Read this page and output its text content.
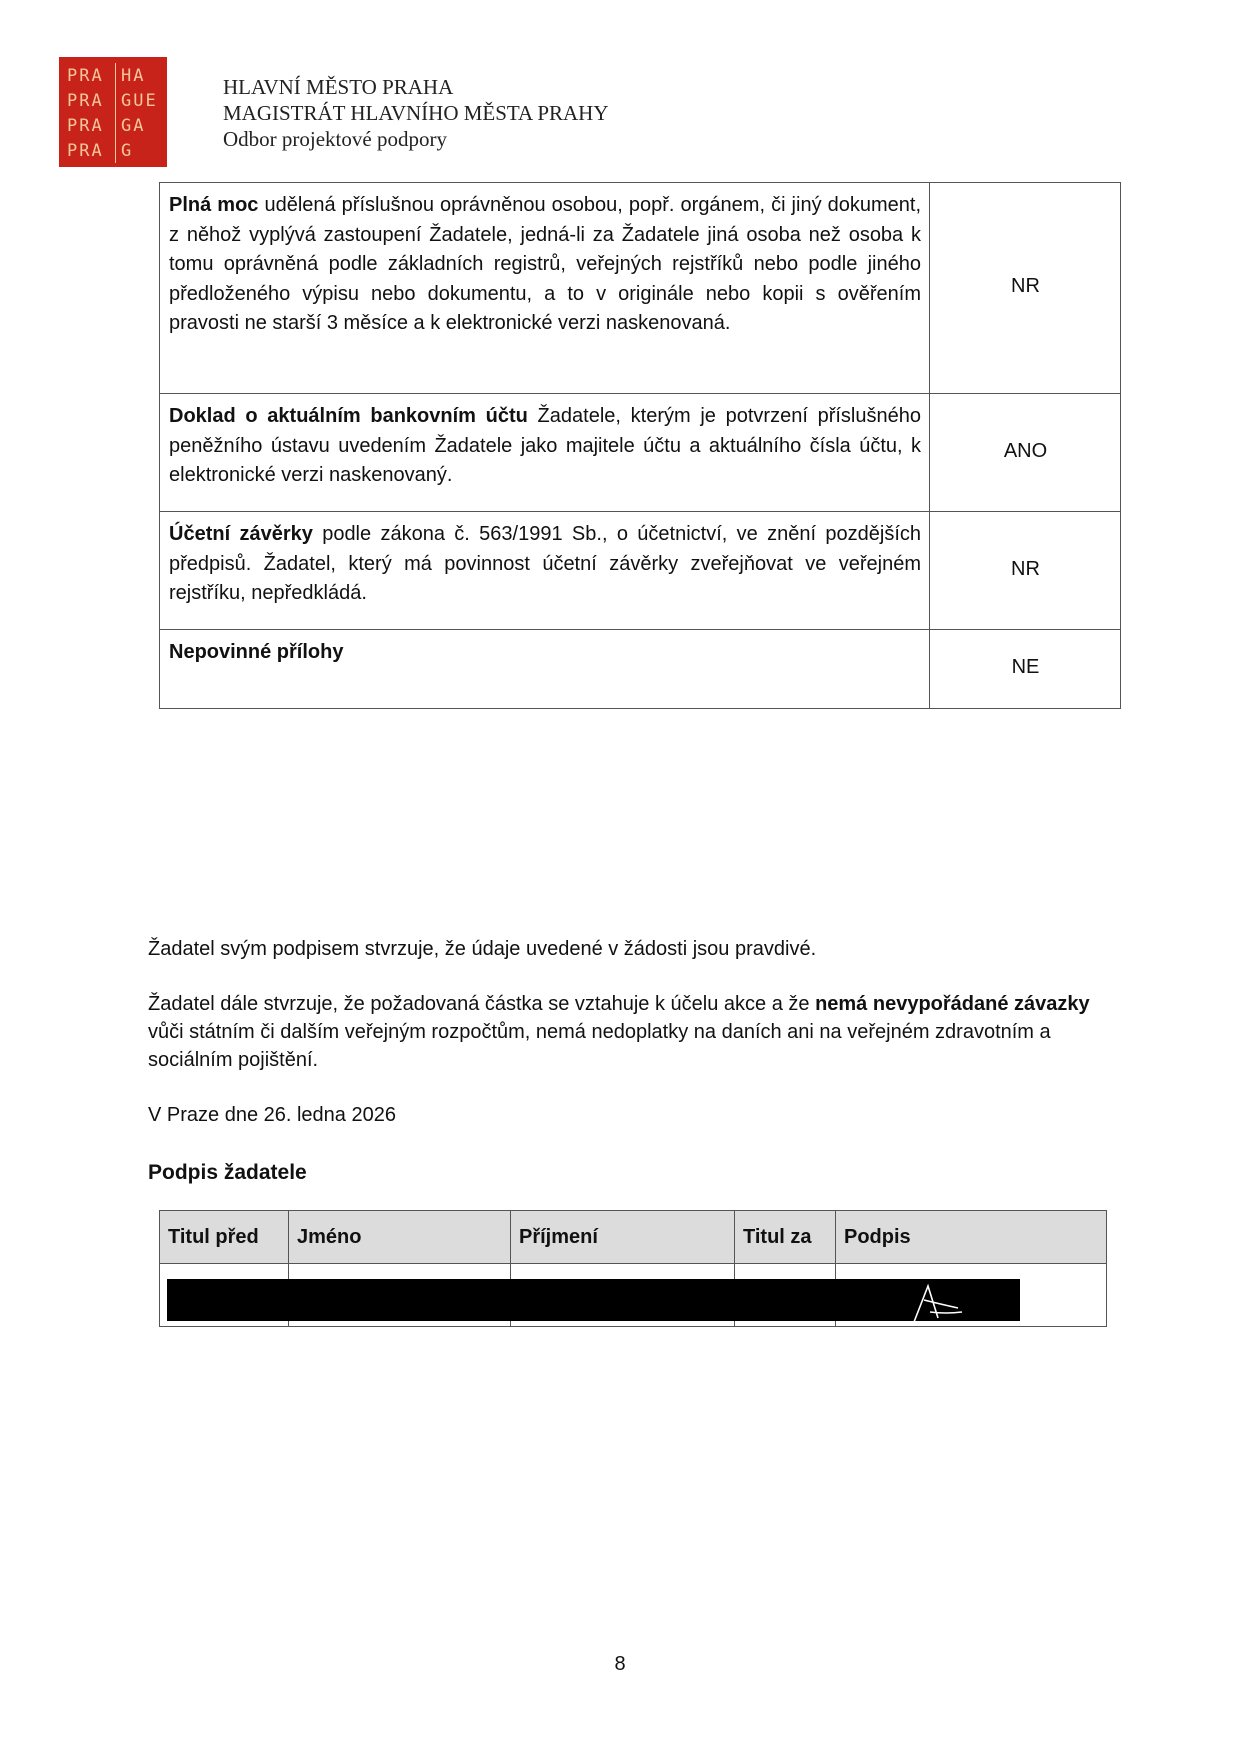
PRA	HA
PRA	GUE
PRA	GA
PRA	G
HLAVNÍ MĚSTO PRAHA
MAGISTRÁT HLAVNÍHO MĚSTA PRAHY
Odbor projektové podpory
Plná moc udělená příslušnou oprávněnou osobou, popř. orgánem, či jiný dokument, z něhož vyplývá zastoupení Žadatele, jedná-li za Žadatele jiná osoba než osoba k tomu oprávněná podle základních registrů, veřejných rejstříků nebo podle jiného předloženého výpisu nebo dokumentu, a to v originále nebo kopii s ověřením pravosti ne starší 3 měsíce a k elektronické verzi naskenovaná.	NR
Doklad o aktuálním bankovním účtu Žadatele, kterým je potvrzení příslušného peněžního ústavu uvedením Žadatele jako majitele účtu a aktuálního čísla účtu, k elektronické verzi naskenovaný.	ANO
Účetní závěrky podle zákona č. 563/1991 Sb., o účetnictví, ve znění pozdějších předpisů. Žadatel, který má povinnost účetní závěrky zveřejňovat ve veřejném rejstříku, nepředkládá.	NR
Nepovinné přílohy	NE

Žadatel svým podpisem stvrzuje, že údaje uvedené v žádosti jsou pravdivé.

Žadatel dále stvrzuje, že požadovaná částka se vztahuje k účelu akce a že nemá nevypořádané závazky vůči státním či dalším veřejným rozpočtům, nemá nedoplatky na daních ani na veřejném zdravotním a sociálním pojištění.

V Praze dne 26. ledna 2026

Podpis žadatele
Titul před	Jméno	Příjmení	Titul za	Podpis

8
